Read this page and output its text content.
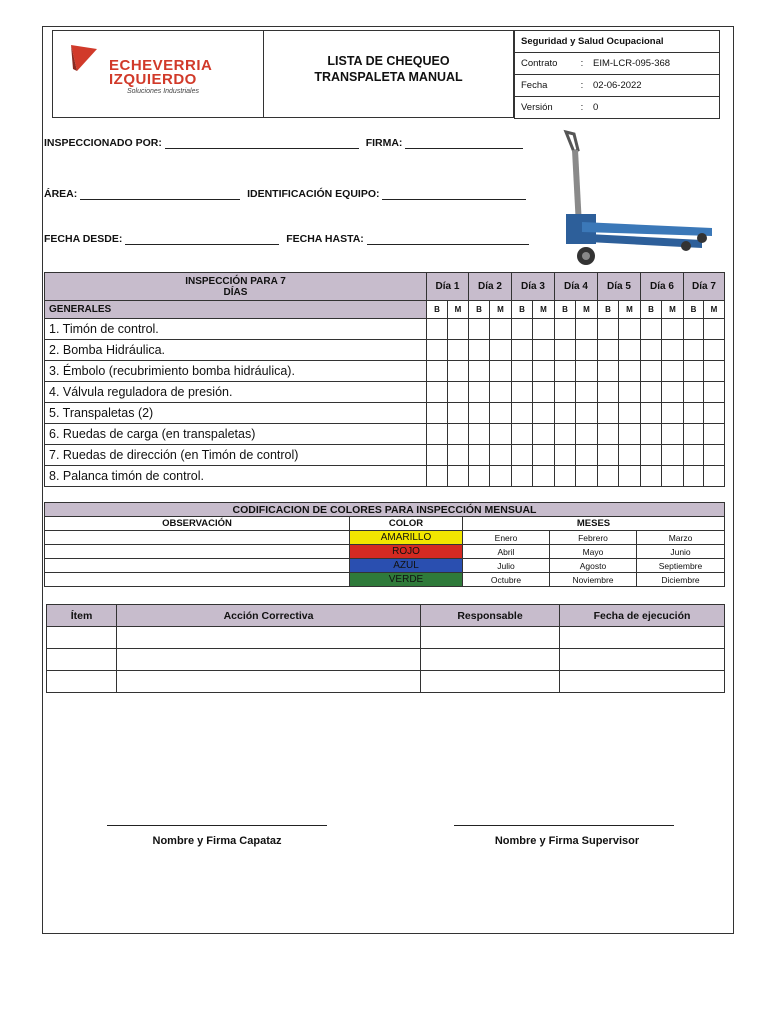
ECHEVERRIA
IZQUIERDO
Soluciones Industriales
LISTA DE CHEQUEO
TRANSPALETA MANUAL
Seguridad y Salud Ocupacional		
Contrato	:	EIM-LCR-095-368
Fecha	:	02-06-2022
Versión	:	0
INSPECCIONADO POR:	FIRMA:
ÁREA:	IDENTIFICACIÓN EQUIPO:
FECHA DESDE:	FECHA HASTA:
INSPECCIÓN PARA 7
DÍAS	Día 1		Día 2		Día 3		Día 4		Día 5		Día 6		Día 7	
GENERALES	B	M	B	M	B	M	B	M	B	M	B	M	B	M
1. Timón de control.														
2. Bomba Hidráulica.														
3. Émbolo (recubrimiento bomba hidráulica).														
4. Válvula reguladora de presión.														
5. Transpaletas (2)														
6. Ruedas de carga (en transpaletas)														
7. Ruedas de dirección (en Timón de control)														
8. Palanca timón de control.														
CODIFICACION DE COLORES PARA INSPECCIÓN MENSUAL				
OBSERVACIÓN	COLOR	MESES		
	AMARILLO	Enero	Febrero	Marzo
	ROJO	Abril	Mayo	Junio
	AZUL	Julio	Agosto	Septiembre
	VERDE	Octubre	Noviembre	Diciembre
Ítem	Acción Correctiva	Responsable	Fecha de ejecución

Nombre y Firma Capataz	Nombre y Firma Supervisor
